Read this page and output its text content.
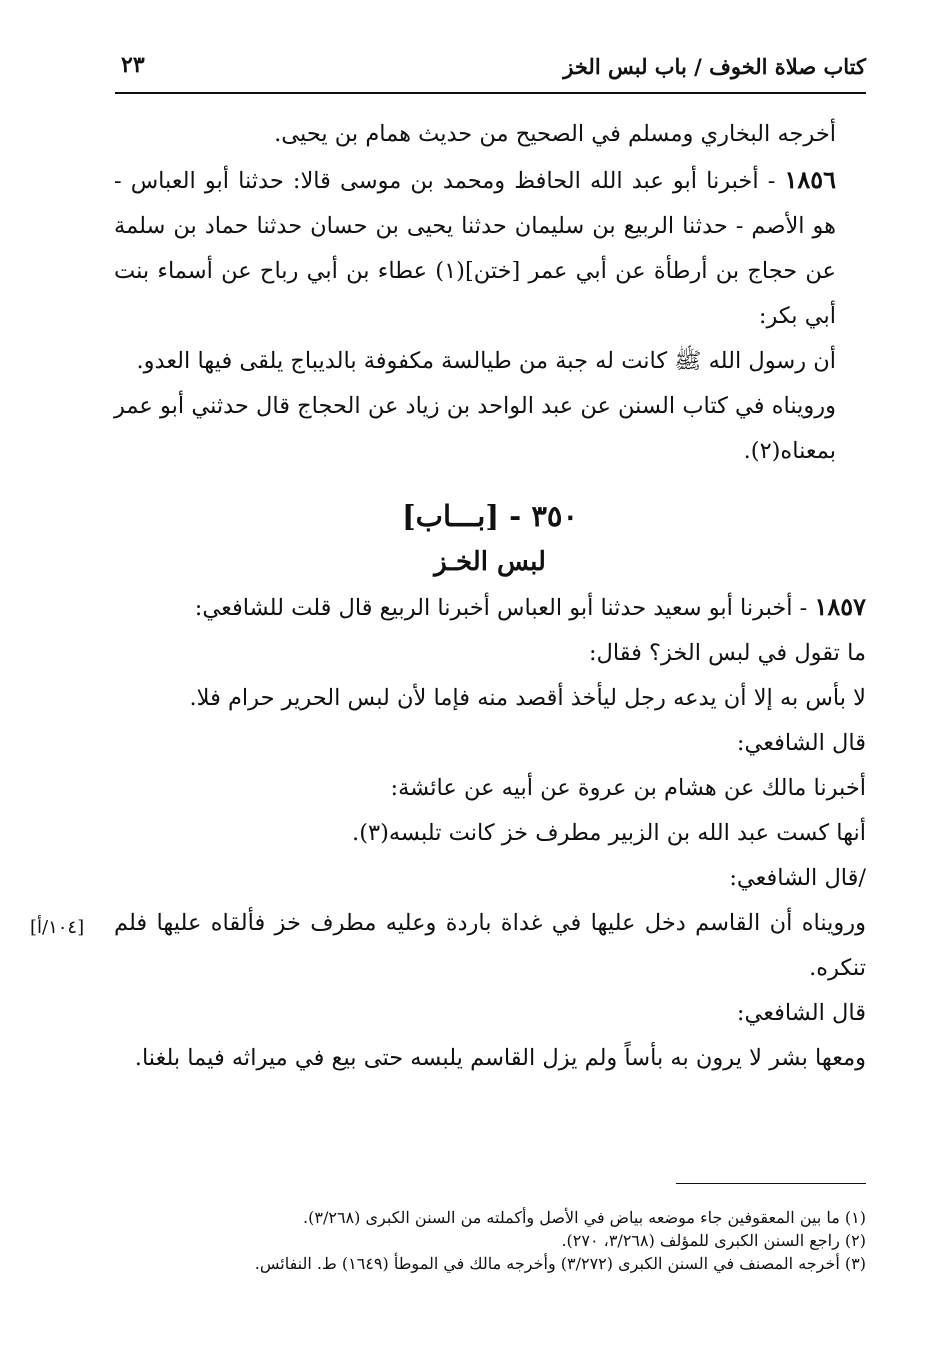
كتاب صلاة الخوف / باب لبس الخز
٢٣

أخرجه البخاري ومسلم في الصحيح من حديث همام بن يحيى.

١٨٥٦ - أخبرنا أبو عبد الله الحافظ ومحمد بن موسى قالا: حدثنا أبو العباس - هو الأصم - حدثنا الربيع بن سليمان حدثنا يحيى بن حسان حدثنا حماد بن سلمة عن حجاج بن أرطأة عن أبي عمر [ختن](١) عطاء بن أبي رباح عن أسماء بنت أبي بكر:

أن رسول الله ﷺ كانت له جبة من طيالسة مكفوفة بالديباج يلقى فيها العدو.

ورويناه في كتاب السنن عن عبد الواحد بن زياد عن الحجاج قال حدثني أبو عمر بمعناه(٢).

٣٥٠ - [بـــاب]
لبس الخـز

١٨٥٧ - أخبرنا أبو سعيد حدثنا أبو العباس أخبرنا الربيع قال قلت للشافعي:

ما تقول في لبس الخز؟ فقال:

لا بأس به إلا أن يدعه رجل ليأخذ أقصد منه فإما لأن لبس الحرير حرام فلا.

قال الشافعي:

أخبرنا مالك عن هشام بن عروة عن أبيه عن عائشة:

أنها كست عبد الله بن الزبير مطرف خز كانت تلبسه(٣).

/قال الشافعي:

ورويناه أن القاسم دخل عليها في غداة باردة وعليه مطرف خز فألقاه عليها فلم تنكره.

قال الشافعي:

ومعها بشر لا يرون به بأساً ولم يزل القاسم يلبسه حتى بيع في ميراثه فيما بلغنا.

[١٠٤/أ]

(١) ما بين المعقوفين جاء موضعه بياض في الأصل وأكملته من السنن الكبرى (٣/٢٦٨).

(٢) راجع السنن الكبرى للمؤلف (٣/٢٦٨، ٢٧٠).

(٣) أخرجه المصنف في السنن الكبرى (٣/٢٧٢) وأخرجه مالك في الموطأ (١٦٤٩) ط. النفائس.
